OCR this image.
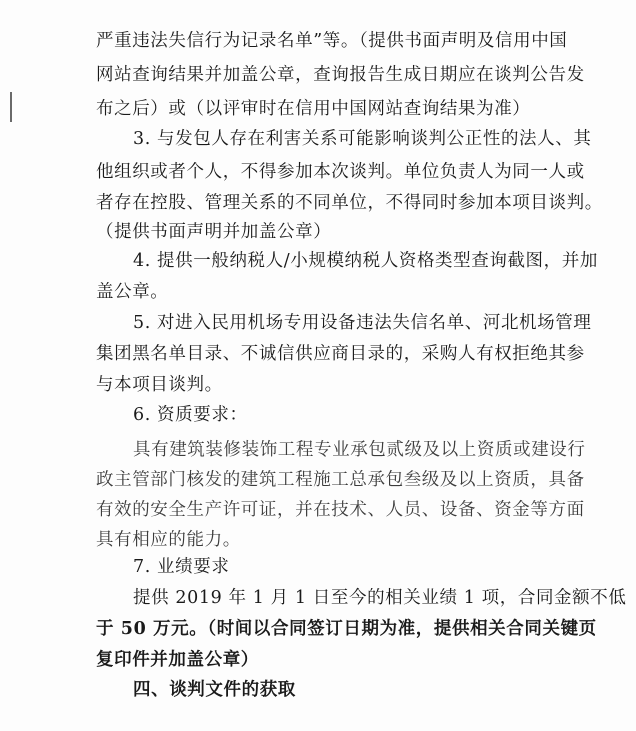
严重违法失信行为记录名单”等。（提供书面声明及信用中国
网站查询结果并加盖公章，查询报告生成日期应在谈判公告发
布之后）或（以评审时在信用中国网站查询结果为准）
3. 与发包人存在利害关系可能影响谈判公正性的法人、其
他组织或者个人，不得参加本次谈判。单位负责人为同一人或
者存在控股、管理关系的不同单位，不得同时参加本项目谈判。
（提供书面声明并加盖公章）
4. 提供一般纳税人/小规模纳税人资格类型查询截图，并加
盖公章。
5. 对进入民用机场专用设备违法失信名单、河北机场管理
集团黑名单目录、不诚信供应商目录的，采购人有权拒绝其参
与本项目谈判。
6. 资质要求：
具有建筑装修装饰工程专业承包贰级及以上资质或建设行
政主管部门核发的建筑工程施工总承包叁级及以上资质，具备
有效的安全生产许可证，并在技术、人员、设备、资金等方面
具有相应的能力。
7. 业绩要求
提供 2019 年 1 月 1 日至今的相关业绩 1 项，合同金额不低
于 50 万元。（时间以合同签订日期为准，提供相关合同关键页
复印件并加盖公章）
四、谈判文件的获取
